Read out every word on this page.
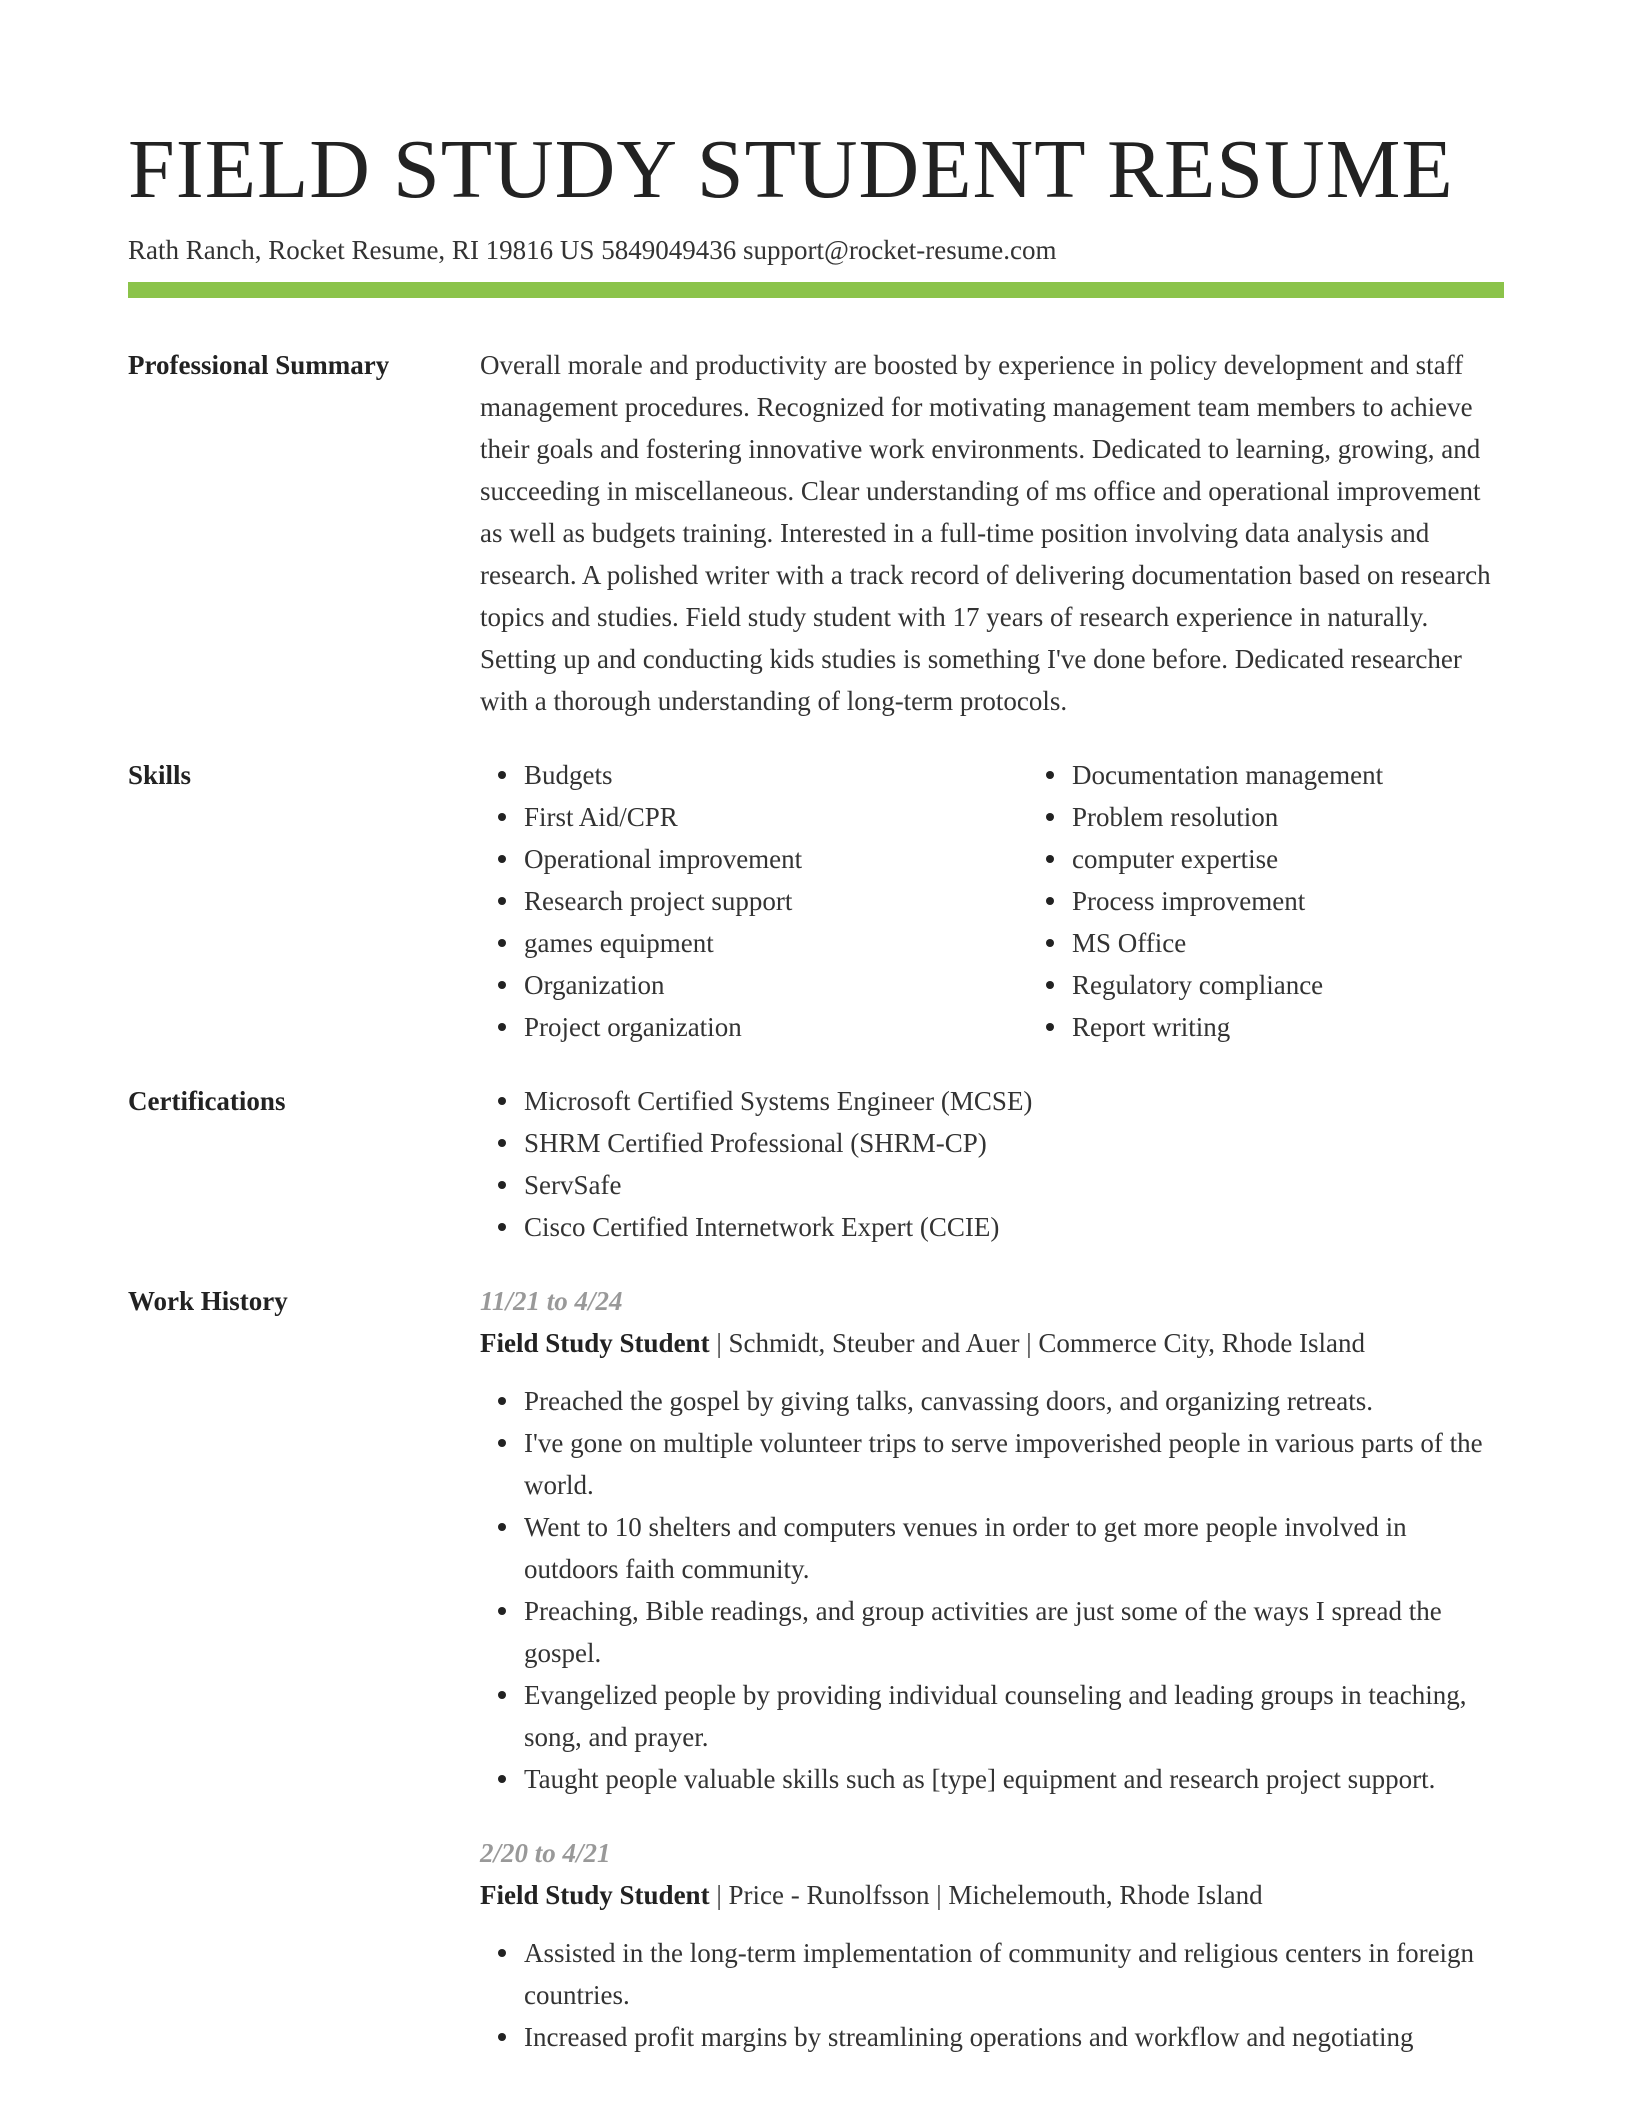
FIELD STUDY STUDENT RESUME
Rath Ranch, Rocket Resume, RI 19816 US 5849049436 support@rocket-resume.com
Professional Summary	Overall morale and productivity are boosted by experience in policy development and staff management procedures. Recognized for motivating management team members to achieve their goals and fostering innovative work environments. Dedicated to learning, growing, and succeeding in miscellaneous. Clear understanding of ms office and operational improvement as well as budgets training. Interested in a full-time position involving data analysis and research. A polished writer with a track record of delivering documentation based on research topics and studies. Field study student with 17 years of research experience in naturally. Setting up and conducting kids studies is something I've done before. Dedicated researcher with a thorough understanding of long-term protocols.

Skills	Budgets
First Aid/CPR
Operational improvement
Research project support
games equipment
Organization
Project organization
Documentation management
Problem resolution
computer expertise
Process improvement
MS Office
Regulatory compliance
Report writing
Certifications	Microsoft Certified Systems Engineer (MCSE)
SHRM Certified Professional (SHRM-CP)
ServSafe
Cisco Certified Internetwork Expert (CCIE)
Work History	11/21 to 4/24
Field Study Student | Schmidt, Steuber and Auer | Commerce City, Rhode Island
Preached the gospel by giving talks, canvassing doors, and organizing retreats.
I've gone on multiple volunteer trips to serve impoverished people in various parts of the world.
Went to 10 shelters and computers venues in order to get more people involved in outdoors faith community.
Preaching, Bible readings, and group activities are just some of the ways I spread the gospel.
Evangelized people by providing individual counseling and leading groups in teaching, song, and prayer.
Taught people valuable skills such as [type] equipment and research project support.
2/20 to 4/21
Field Study Student | Price - Runolfsson | Michelemouth, Rhode Island
Assisted in the long-term implementation of community and religious centers in foreign countries.
Increased profit margins by streamlining operations and workflow and negotiating
